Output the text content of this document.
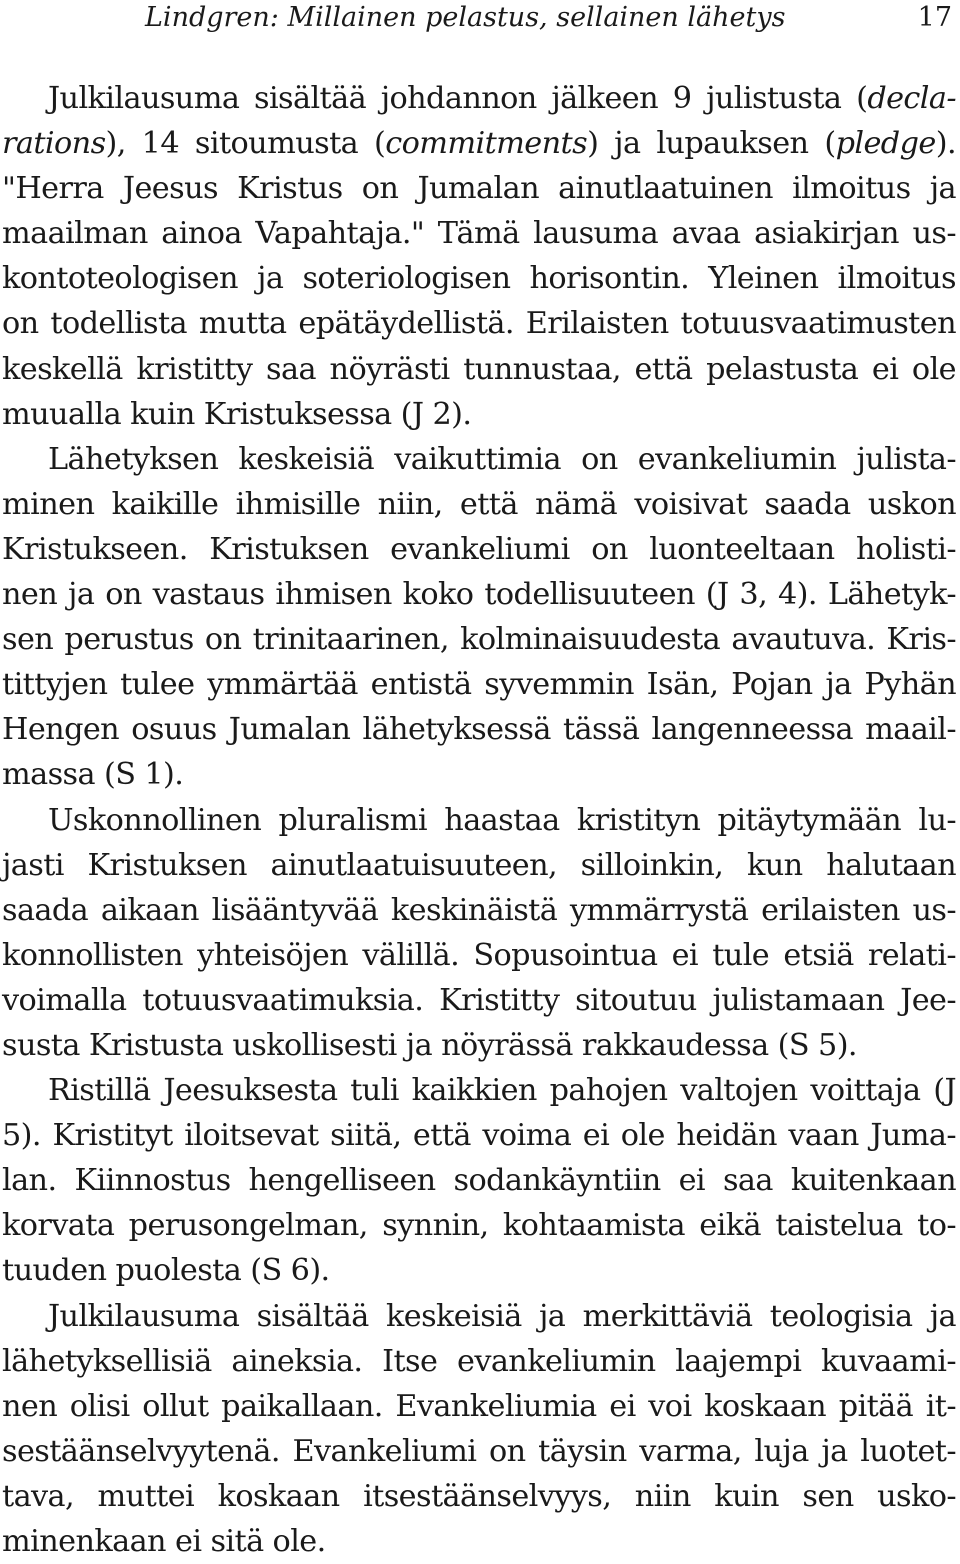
Lindgren: Millainen pelastus, sellainen lähetys	17
Julkilausuma sisältää johdannon jälkeen 9 julistusta (decla-
rations), 14 sitoumusta (commitments) ja lupauksen (pledge).
"Herra Jeesus Kristus on Jumalan ainutlaatuinen ilmoitus ja
maailman ainoa Vapahtaja." Tämä lausuma avaa asiakirjan us-
kontoteologisen ja soteriologisen horisontin. Yleinen ilmoitus
on todellista mutta epätäydellistä. Erilaisten totuusvaatimusten
keskellä kristitty saa nöyrästi tunnustaa, että pelastusta ei ole
muualla kuin Kristuksessa (J 2).
Lähetyksen keskeisiä vaikuttimia on evankeliumin julista-
minen kaikille ihmisille niin, että nämä voisivat saada uskon
Kristukseen. Kristuksen evankeliumi on luonteeltaan holisti-
nen ja on vastaus ihmisen koko todellisuuteen (J 3, 4). Lähetyk-
sen perustus on trinitaarinen, kolminaisuudesta avautuva. Kris-
tittyjen tulee ymmärtää entistä syvemmin Isän, Pojan ja Pyhän
Hengen osuus Jumalan lähetyksessä tässä langenneessa maail-
massa (S 1).
Uskonnollinen pluralismi haastaa kristityn pitäytymään lu-
jasti Kristuksen ainutlaatuisuuteen, silloinkin, kun halutaan
saada aikaan lisääntyvää keskinäistä ymmärrystä erilaisten us-
konnollisten yhteisöjen välillä. Sopusointua ei tule etsiä relati-
voimalla totuusvaatimuksia. Kristitty sitoutuu julistamaan Jee-
susta Kristusta uskollisesti ja nöyrässä rakkaudessa (S 5).
Ristillä Jeesuksesta tuli kaikkien pahojen valtojen voittaja (J
5). Kristityt iloitsevat siitä, että voima ei ole heidän vaan Juma-
lan. Kiinnostus hengelliseen sodankäyntiin ei saa kuitenkaan
korvata perusongelman, synnin, kohtaamista eikä taistelua to-
tuuden puolesta (S 6).
Julkilausuma sisältää keskeisiä ja merkittäviä teologisia ja
lähetyksellisiä aineksia. Itse evankeliumin laajempi kuvaami-
nen olisi ollut paikallaan. Evankeliumia ei voi koskaan pitää it-
sestäänselvyytenä. Evankeliumi on täysin varma, luja ja luotet-
tava, muttei koskaan itsestäänselvyys, niin kuin sen usko-
minenkaan ei sitä ole.
